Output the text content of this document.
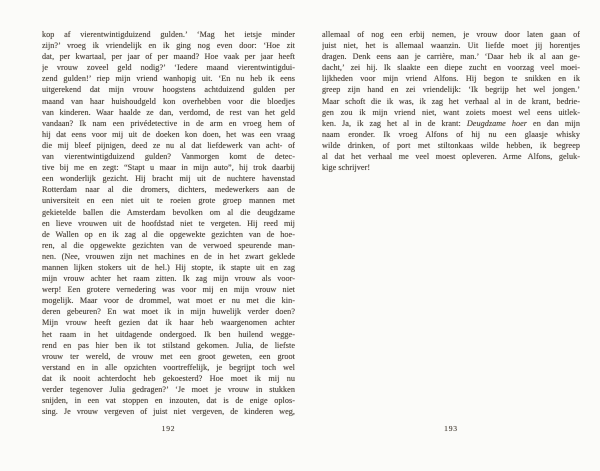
kop af vierentwintigduizend gulden.’ ‘Mag het ietsje minder
zijn?’ vroeg ik vriendelijk en ik ging nog even door: ‘Hoe zit
dat, per kwartaal, per jaar of per maand? Hoe vaak per jaar heeft
je vrouw zoveel geld nodig?’ ‘Iedere maand vierentwintigdui-
zend gulden!’ riep mijn vriend wanhopig uit. ‘En nu heb ik eens
uitgerekend dat mijn vrouw hoogstens achtduizend gulden per
maand van haar huishoudgeld kon overhebben voor die bloedjes
van kinderen. Waar haalde ze dan, verdomd, de rest van het geld
vandaan? Ik nam een privédetective in de arm en vroeg hem of
hij dat eens voor mij uit de doeken kon doen, het was een vraag
die mij bleef pijnigen, deed ze nu al dat liefdewerk van acht- of
van vierentwintigduizend gulden? Vanmorgen komt de detec-
tive bij me en zegt: “Stapt u maar in mijn auto”, hij trok daarbij
een wonderlijk gezicht. Hij bracht mij uit de nuchtere havenstad
Rotterdam naar al die dromers, dichters, medewerkers aan de
universiteit en een niet uit te roeien grote groep mannen met
gekietelde ballen die Amsterdam bevolken om al die deugdzame
en lieve vrouwen uit de hoofdstad niet te vergeten. Hij reed mij
de Wallen op en ik zag al die opgewekte gezichten van de hoe-
ren, al die opgewekte gezichten van de verwoed speurende man-
nen. (Nee, vrouwen zijn net machines en de in het zwart geklede
mannen lijken stokers uit de hel.) Hij stopte, ik stapte uit en zag
mijn vrouw achter het raam zitten. Ik zag mijn vrouw als voor-
werp! Een grotere vernedering was voor mij en mijn vrouw niet
mogelijk. Maar voor de drommel, wat moet er nu met die kin-
deren gebeuren? En wat moet ik in mijn huwelijk verder doen?
Mijn vrouw heeft gezien dat ik haar heb waargenomen achter
het raam in het uitdagende ondergoed. Ik ben huilend wegge-
rend en pas hier ben ik tot stilstand gekomen. Julia, de liefste
vrouw ter wereld, de vrouw met een groot geweten, een groot
verstand en in alle opzichten voortreffelijk, je begrijpt toch wel
dat ik nooit achterdocht heb gekoesterd? Hoe moet ik mij nu
verder tegenover Julia gedragen?’ ‘Je moet je vrouw in stukken
snijden, in een vat stoppen en inzouten, dat is de enige oplos-
sing. Je vrouw vergeven of juist niet vergeven, de kinderen weg,
192
allemaal of nog een erbij nemen, je vrouw door laten gaan of
juist niet, het is allemaal waanzin. Uit liefde moet jij horentjes
dragen. Denk eens aan je carrière, man.’ ‘Daar heb ik al aan ge-
dacht,’ zei hij. Ik slaakte een diepe zucht en voorzag veel moei-
lijkheden voor mijn vriend Alfons. Hij begon te snikken en ik
greep zijn hand en zei vriendelijk: ‘Ik begrijp het wel jongen.’
Maar schoft die ik was, ik zag het verhaal al in de krant, bedrie-
gen zou ik mijn vriend niet, want zoiets moest wel eens uitlek-
ken. Ja, ik zag het al in de krant: Deugdzame hoer en dan mijn
naam eronder. Ik vroeg Alfons of hij nu een glaasje whisky
wilde drinken, of port met stiltonkaas wilde hebben, ik begreep
al dat het verhaal me veel moest opleveren. Arme Alfons, geluk-
kige schrijver!
193
